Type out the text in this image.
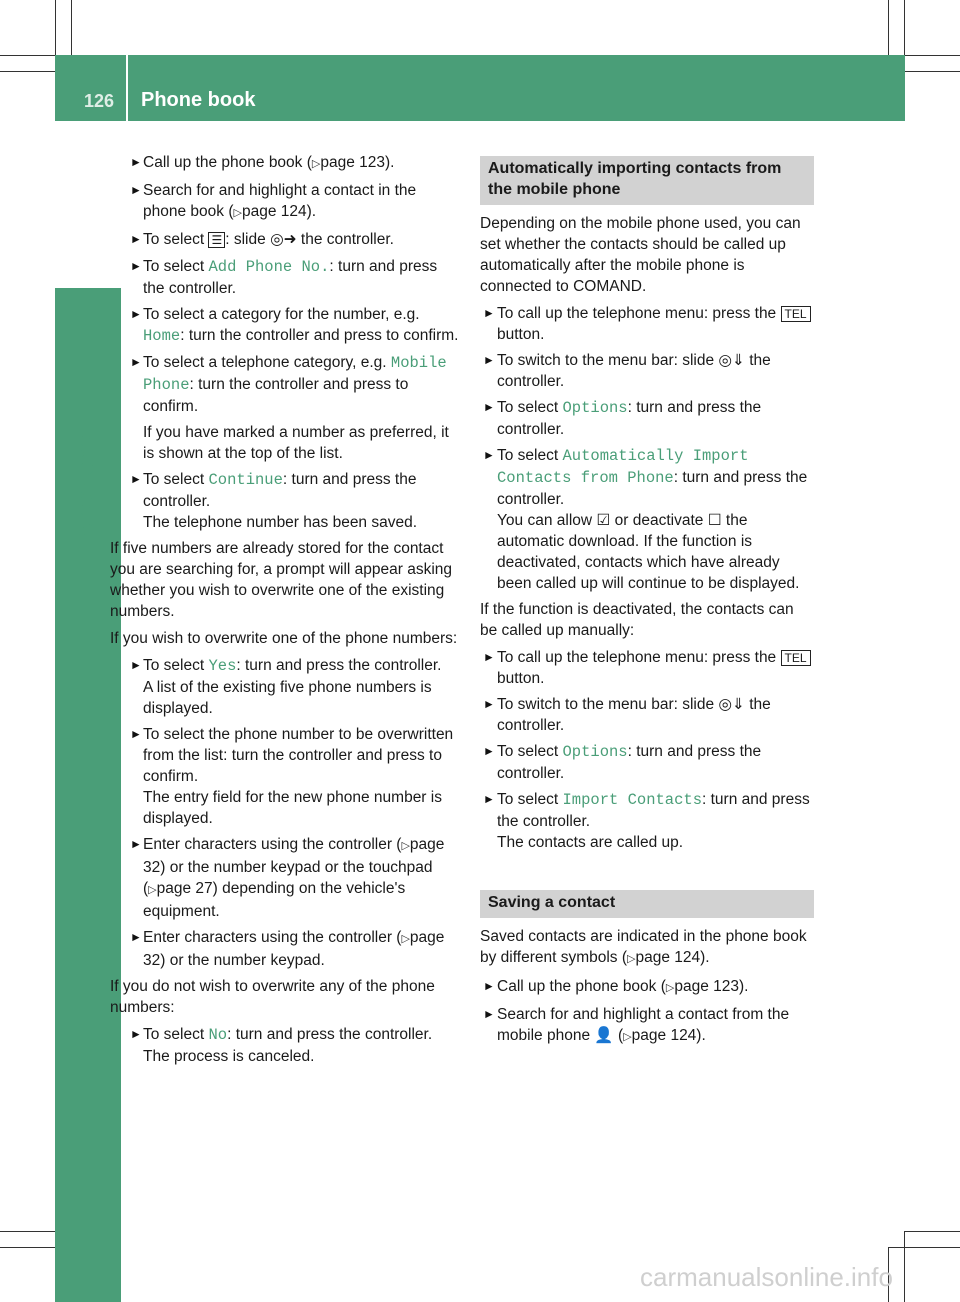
126 Phone book
Telephone
► Call up the phone book (▷page 123).
► Search for and highlight a contact in the phone book (▷page 124).
► To select ☰ : slide ◎➜ the controller.
► To select Add Phone No.: turn and press the controller.
► To select a category for the number, e.g. Home: turn the controller and press to confirm.
► To select a telephone category, e.g. Mobile Phone: turn the controller and press to confirm.
If you have marked a number as preferred, it is shown at the top of the list.
► To select Continue: turn and press the controller.
The telephone number has been saved.
If five numbers are already stored for the contact you are searching for, a prompt will appear asking whether you wish to overwrite one of the existing numbers.
If you wish to overwrite one of the phone numbers:
► To select Yes: turn and press the controller.
A list of the existing five phone numbers is displayed.
► To select the phone number to be overwritten from the list: turn the controller and press to confirm.
The entry field for the new phone number is displayed.
► Enter characters using the controller (▷page 32) or the number keypad or the touchpad (▷page 27) depending on the vehicle's equipment.
► Enter characters using the controller (▷page 32) or the number keypad.
If you do not wish to overwrite any of the phone numbers:
► To select No: turn and press the controller.
The process is canceled.
Automatically importing contacts from the mobile phone
Depending on the mobile phone used, you can set whether the contacts should be called up automatically after the mobile phone is connected to COMAND.
► To call up the telephone menu: press the TEL button.
► To switch to the menu bar: slide ◎⇓ the controller.
► To select Options: turn and press the controller.
► To select Automatically Import Contacts from Phone: turn and press the controller.
You can allow ☑ or deactivate ☐ the automatic download. If the function is deactivated, contacts which have already been called up will continue to be displayed.
If the function is deactivated, the contacts can be called up manually:
► To call up the telephone menu: press the TEL button.
► To switch to the menu bar: slide ◎⇓ the controller.
► To select Options: turn and press the controller.
► To select Import Contacts: turn and press the controller.
The contacts are called up.
Saving a contact
Saved contacts are indicated in the phone book by different symbols (▷page 124).
► Call up the phone book (▷page 123).
► Search for and highlight a contact from the mobile phone 👤 (▷page 124).
carmanualsonline.info
